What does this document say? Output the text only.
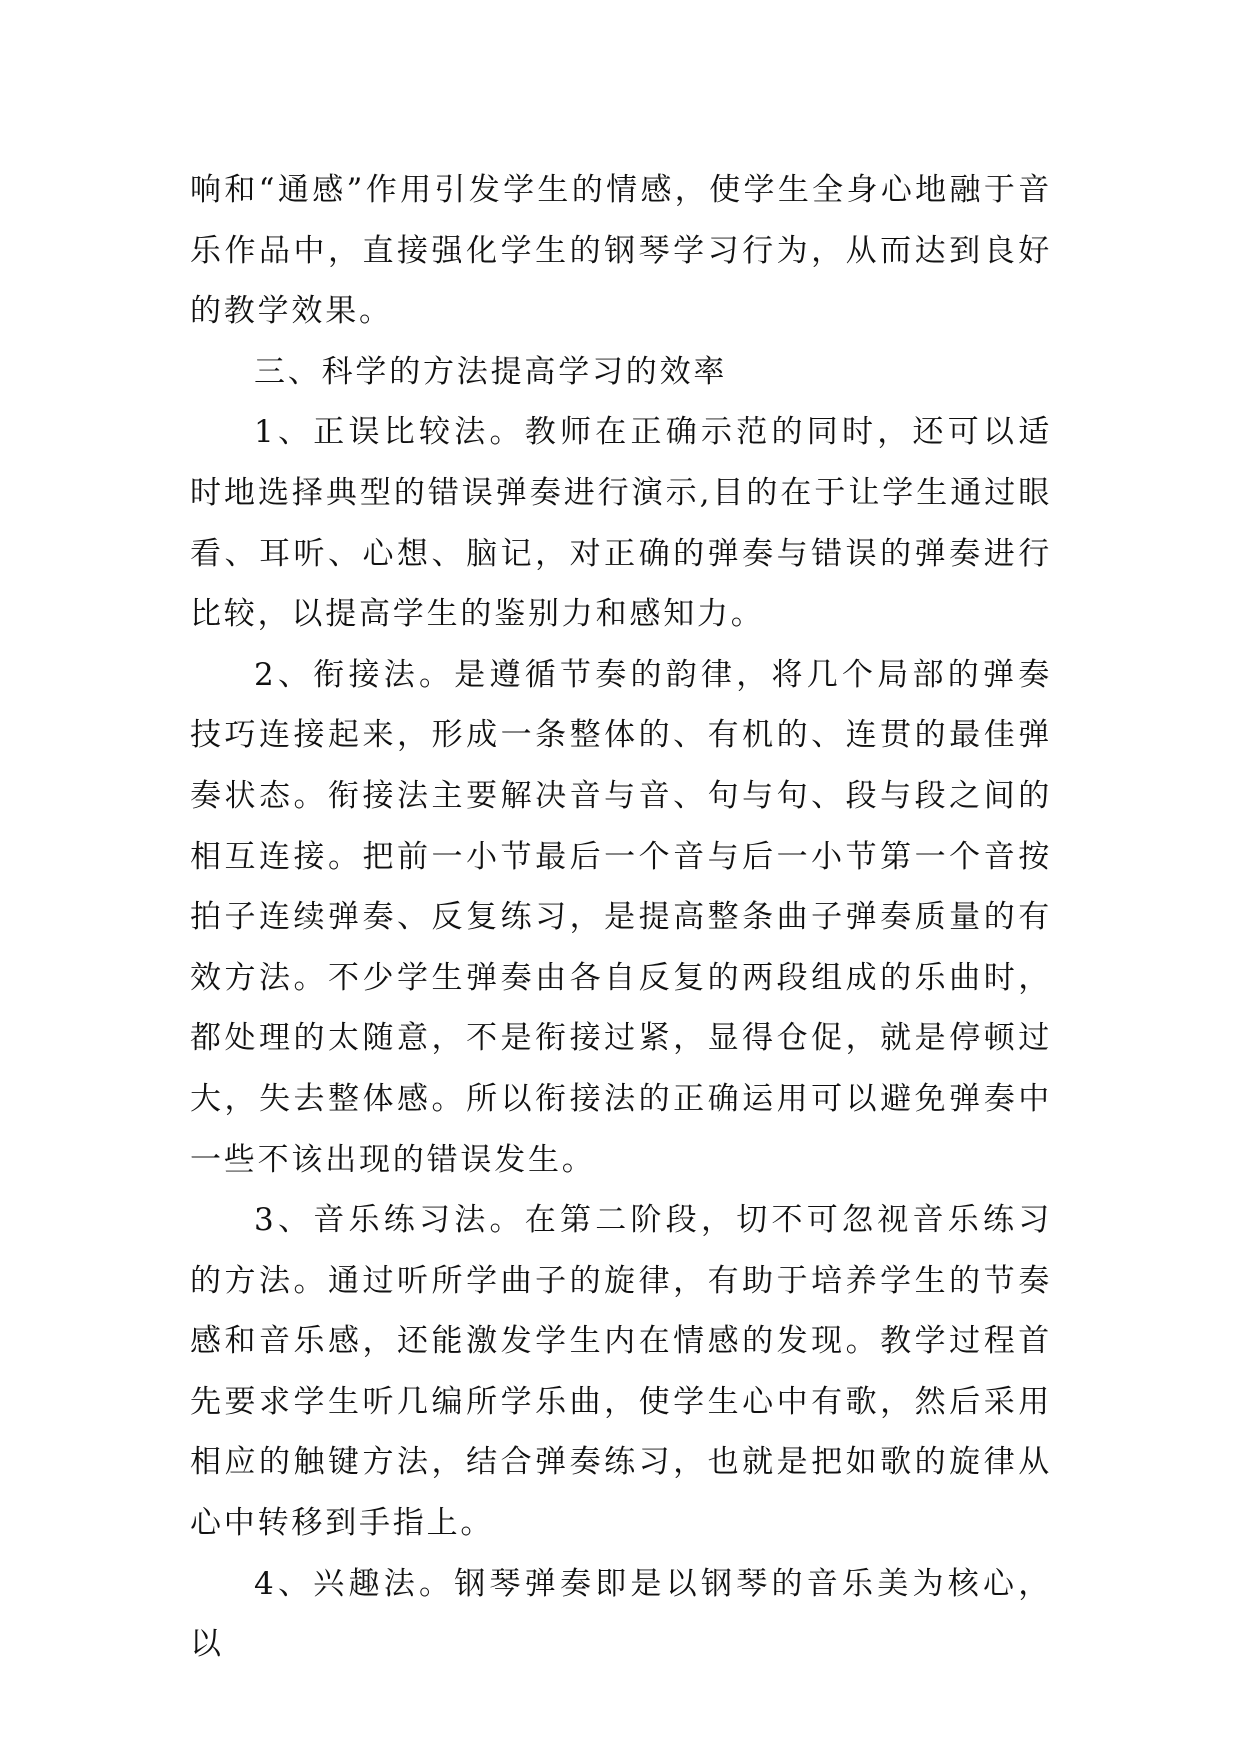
响和“通感”作用引发学生的情感，使学生全身心地融于音乐作品中，直接强化学生的钢琴学习行为，从而达到良好的教学效果。

三、科学的方法提高学习的效率

1、正误比较法。教师在正确示范的同时，还可以适时地选择典型的错误弹奏进行演示,目的在于让学生通过眼看、耳听、心想、脑记，对正确的弹奏与错误的弹奏进行比较，以提高学生的鉴别力和感知力。

2、衔接法。是遵循节奏的韵律，将几个局部的弹奏技巧连接起来，形成一条整体的、有机的、连贯的最佳弹奏状态。衔接法主要解决音与音、句与句、段与段之间的相互连接。把前一小节最后一个音与后一小节第一个音按拍子连续弹奏、反复练习，是提高整条曲子弹奏质量的有效方法。不少学生弹奏由各自反复的两段组成的乐曲时，都处理的太随意，不是衔接过紧，显得仓促，就是停顿过大，失去整体感。所以衔接法的正确运用可以避免弹奏中一些不该出现的错误发生。

3、音乐练习法。在第二阶段，切不可忽视音乐练习的方法。通过听所学曲子的旋律，有助于培养学生的节奏感和音乐感，还能激发学生内在情感的发现。教学过程首先要求学生听几编所学乐曲，使学生心中有歌，然后采用相应的触键方法，结合弹奏练习，也就是把如歌的旋律从心中转移到手指上。

4、兴趣法。钢琴弹奏即是以钢琴的音乐美为核心，以
